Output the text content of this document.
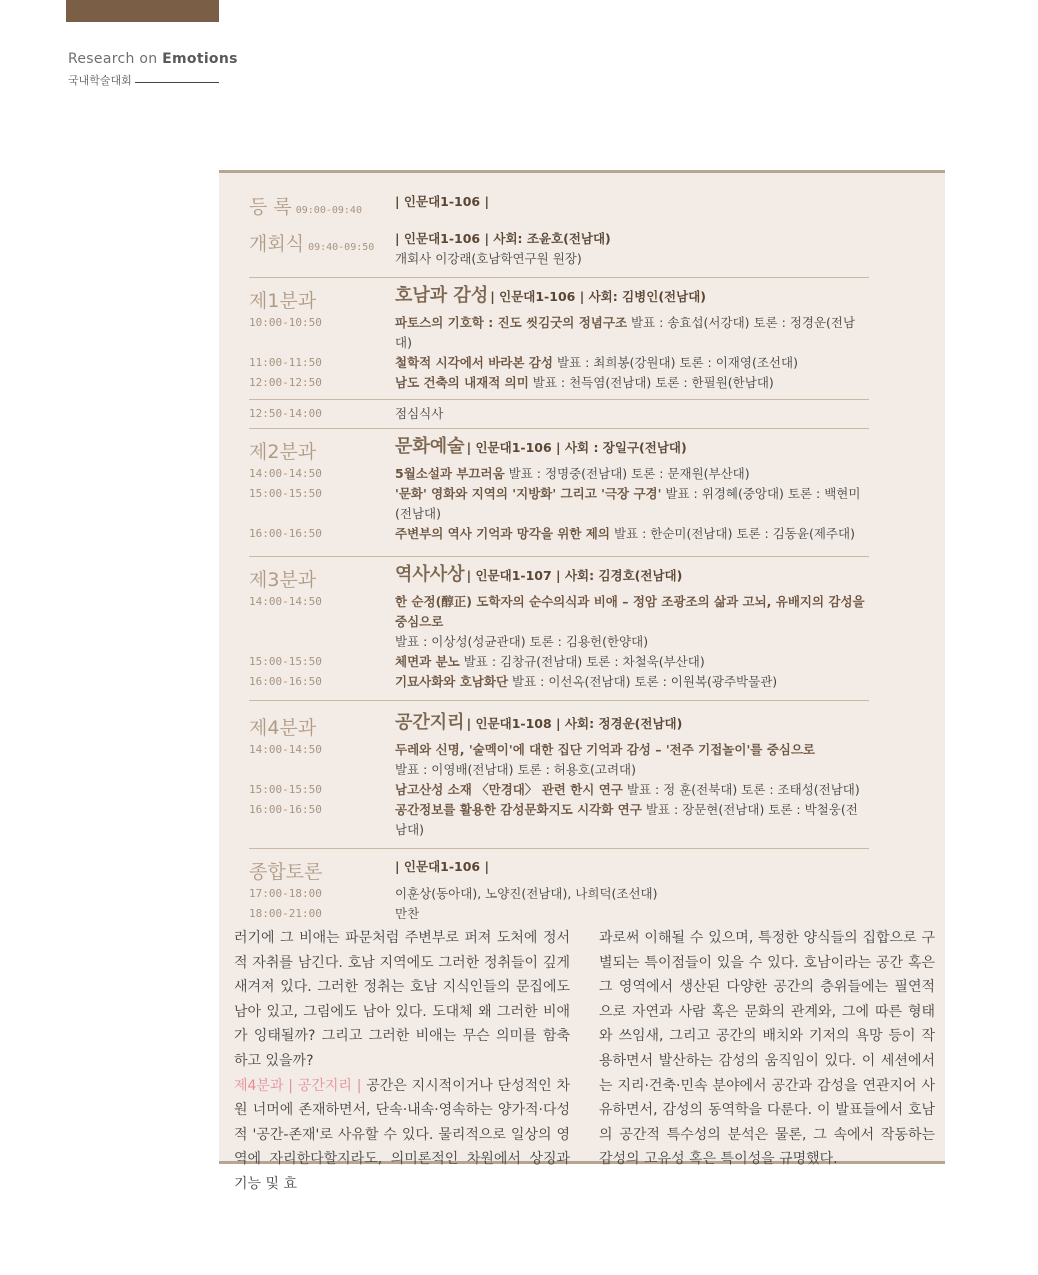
Research on Emotions
국내학술대회
등 록 09:00-09:40
| 인문대1-106 |
개회식 09:40-09:50
| 인문대1-106 | 사회: 조윤호(전남대)
개회사 이강래(호남학연구원 원장)
제1분과	호남과 감성 | 인문대1-106 | 사회: 김병인(전남대)
10:00-10:50	파토스의 기호학 : 진도 씻김굿의 정념구조 발표 : 송효섭(서강대) 토론 : 정경운(전남대)
11:00-11:50	철학적 시각에서 바라본 감성 발표 : 최희봉(강원대) 토론 : 이재영(조선대)
12:00-12:50	남도 건축의 내재적 의미 발표 : 천득염(전남대) 토론 : 한필원(한남대)
12:50-14:00	점심식사
제2분과	문화예술 | 인문대1-106 | 사회 : 장일구(전남대)
14:00-14:50	5월소설과 부끄러움 발표 : 정명중(전남대) 토론 : 문재원(부산대)
15:00-15:50	'문화' 영화와 지역의 '지방화' 그리고 '극장 구경' 발표 : 위경혜(중앙대) 토론 : 백현미(전남대)
16:00-16:50	주변부의 역사 기억과 망각을 위한 제의 발표 : 한순미(전남대) 토론 : 김동윤(제주대)
제3분과	역사사상 | 인문대1-107 | 사회: 김경호(전남대)
14:00-14:50	한 순정(醇正) 도학자의 순수의식과 비애 – 정암 조광조의 삶과 고뇌, 유배지의 감성을 중심으로
발표 : 이상성(성균관대) 토론 : 김용헌(한양대)
15:00-15:50	체면과 분노 발표 : 김창규(전남대) 토론 : 차철욱(부산대)
16:00-16:50	기묘사화와 호남화단 발표 : 이선옥(전남대) 토론 : 이원복(광주박물관)
제4분과	공간지리 | 인문대1-108 | 사회: 정경운(전남대)
14:00-14:50	두레와 신명, '술멕이'에 대한 집단 기억과 감성 – '전주 기접놀이'를 중심으로
발표 : 이영배(전남대) 토론 : 허용호(고려대)
15:00-15:50	남고산성 소재 〈만경대〉 관련 한시 연구 발표 : 정 훈(전북대) 토론 : 조태성(전남대)
16:00-16:50	공간정보를 활용한 감성문화지도 시각화 연구 발표 : 장문현(전남대) 토론 : 박철웅(전남대)
종합토론	| 인문대1-106 |
17:00-18:00	이훈상(동아대), 노양진(전남대), 나희덕(조선대)
18:00-21:00	만찬
러기에 그 비애는 파문처럼 주변부로 퍼져 도처에 정서적 자취를 남긴다. 호남 지역에도 그러한 정취들이 깊게 새겨져 있다. 그러한 정취는 호남 지식인들의 문집에도 남아 있고, 그림에도 남아 있다. 도대체 왜 그러한 비애가 잉태될까? 그리고 그러한 비애는 무슨 의미를 함축하고 있을까?
제4분과 | 공간지리 | 공간은 지시적이거나 단성적인 차원 너머에 존재하면서, 단속·내속·영속하는 양가적·다성적 '공간-존재'로 사유할 수 있다. 물리적으로 일상의 영역에 자리한다할지라도, 의미론적인 차원에서 상징과 기능 및 효
과로써 이해될 수 있으며, 특정한 양식들의 집합으로 구별되는 특이점들이 있을 수 있다. 호남이라는 공간 혹은 그 영역에서 생산된 다양한 공간의 층위들에는 필연적으로 자연과 사람 혹은 문화의 관계와, 그에 따른 형태와 쓰임새, 그리고 공간의 배치와 기저의 욕망 등이 작용하면서 발산하는 감성의 움직임이 있다. 이 세션에서는 지리·건축·민속 분야에서 공간과 감성을 연관지어 사유하면서, 감성의 동역학을 다룬다. 이 발표들에서 호남의 공간적 특수성의 분석은 물론, 그 속에서 작동하는 감성의 고유성 혹은 특이성을 규명했다.
